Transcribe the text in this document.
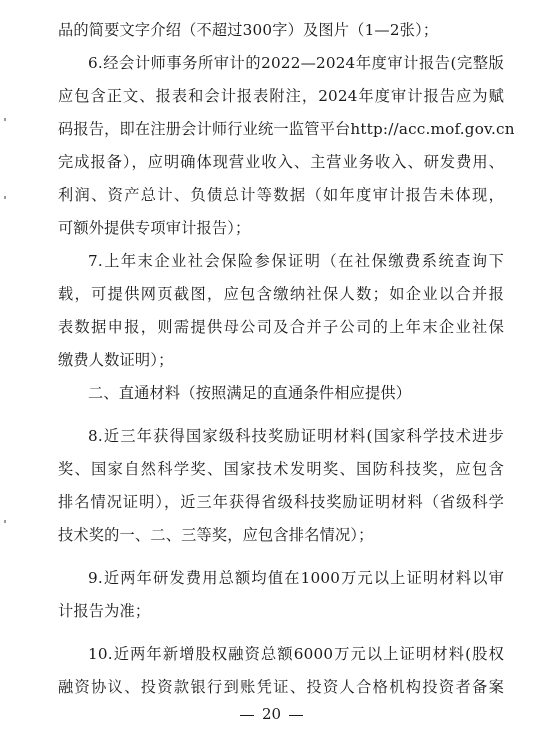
品的简要文字介绍（不超过300字）及图片（1—2张）；
6.经会计师事务所审计的2022—2024年度审计报告(完整版
应包含正文、报表和会计报表附注，2024年度审计报告应为赋
码报告，即在注册会计师行业统一监管平台http://acc.mof.gov.cn
完成报备），应明确体现营业收入、主营业务收入、研发费用、
利润、资产总计、负债总计等数据（如年度审计报告未体现，
可额外提供专项审计报告）；
7.上年末企业社会保险参保证明（在社保缴费系统查询下
载，可提供网页截图，应包含缴纳社保人数；如企业以合并报
表数据申报，则需提供母公司及合并子公司的上年末企业社保
缴费人数证明）；
二、直通材料（按照满足的直通条件相应提供）
8.近三年获得国家级科技奖励证明材料(国家科学技术进步
奖、国家自然科学奖、国家技术发明奖、国防科技奖，应包含
排名情况证明），近三年获得省级科技奖励证明材料（省级科学
技术奖的一、二、三等奖，应包含排名情况）；
9.近两年研发费用总额均值在1000万元以上证明材料以审
计报告为准；
10.近两年新增股权融资总额6000万元以上证明材料(股权
融资协议、投资款银行到账凭证、投资人合格机构投资者备案
20
